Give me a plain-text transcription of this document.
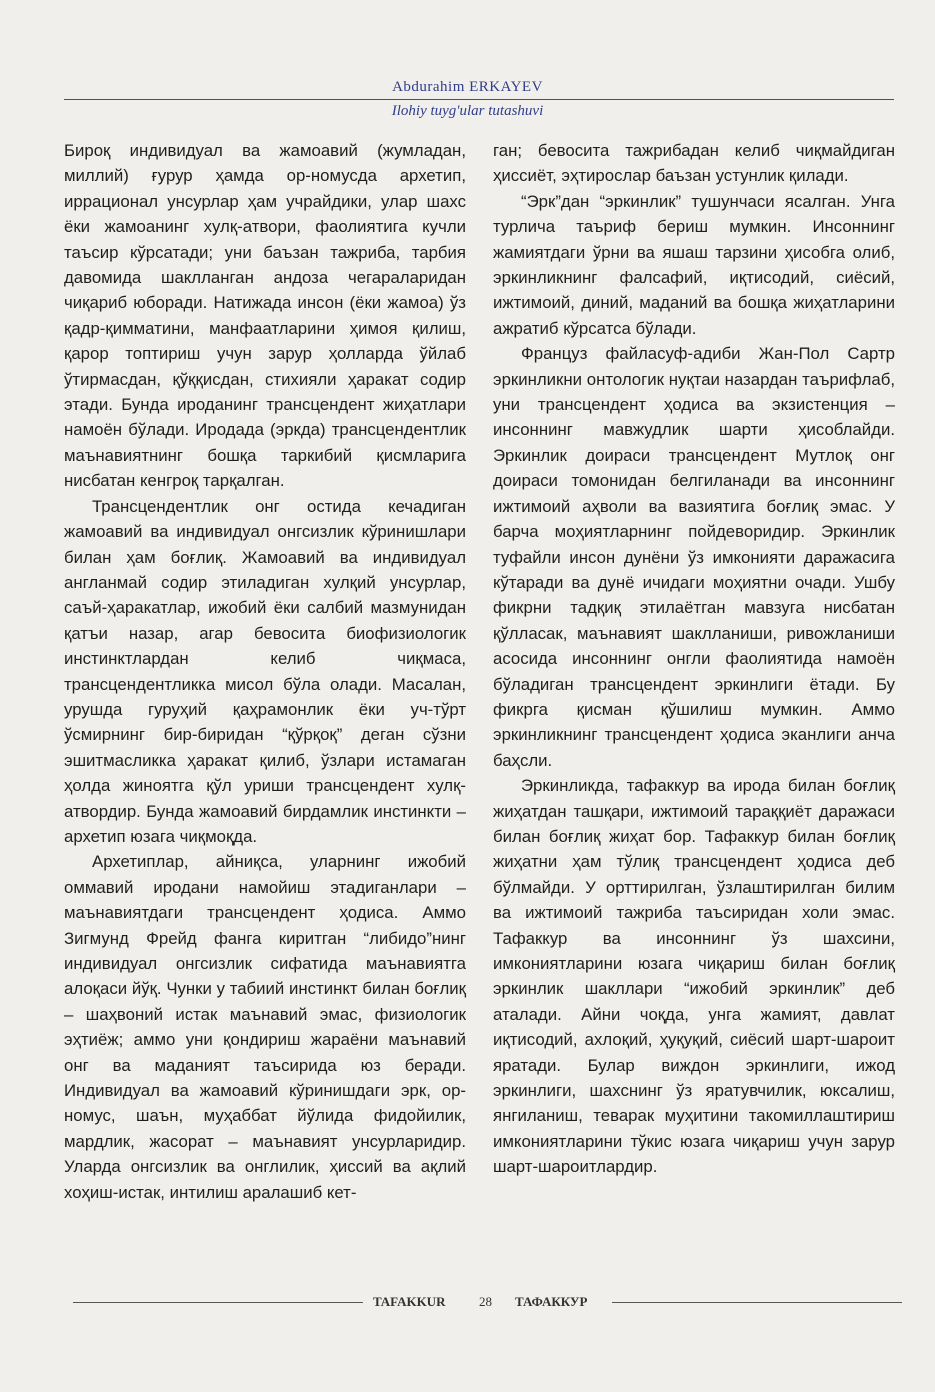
Abdurahim ERKAYEV
Ilohiy tuyg'ular tutashuvi

Бироқ индивидуал ва жамоавий (жумладан, миллий) ғурур ҳамда ор-номусда архетип, иррационал унсурлар ҳам учрайдики, улар шахс ёки жамоанинг хулқ-атвори, фаолиятига кучли таъсир кўрсатади; уни баъзан тажриба, тарбия давомида шаклланган андоза чегараларидан чиқариб юборади. Натижада инсон (ёки жамоа) ўз қадр-қимматини, манфаатларини ҳимоя қилиш, қарор топтириш учун зарур ҳолларда ўйлаб ўтирмасдан, қўққисдан, стихияли ҳаракат содир этади. Бунда ироданинг трансцендент жиҳатлари намоён бўлади. Иродада (эркда) трансцендентлик маънавиятнинг бошқа таркибий қисмларига нисбатан кенгроқ тарқалган.

Трансцендентлик онг остида кечадиган жамоавий ва индивидуал онгсизлик кўринишлари билан ҳам боғлиқ. Жамоавий ва индивидуал англанмай содир этиладиган хулқий унсурлар, саъй-ҳаракатлар, ижобий ёки салбий мазмунидан қатъи назар, агар бевосита биофизиологик инстинктлардан келиб чиқмаса, трансцендентликка мисол бўла олади. Масалан, урушда гуруҳий қаҳрамонлик ёки уч-тўрт ўсмирнинг бир-биридан “қўрқоқ” деган сўзни эшитмасликка ҳаракат қилиб, ўзлари истамаган ҳолда жиноятга қўл уриши трансцендент хулқ-атвордир. Бунда жамоавий бирдамлик инстинкти – архетип юзага чиқмоқда.

Архетиплар, айниқса, уларнинг ижобий оммавий иродани намойиш этадиганлари – маънавиятдаги трансцендент ҳодиса. Аммо Зигмунд Фрейд фанга киритган “либидо”нинг индивидуал онгсизлик сифатида маънавиятга алоқаси йўқ. Чунки у табиий инстинкт билан боғлиқ – шаҳвоний истак маънавий эмас, физиологик эҳтиёж; аммо уни қондириш жараёни маънавий онг ва маданият таъсирида юз беради. Индивидуал ва жамоавий кўринишдаги эрк, ор-номус, шаън, муҳаббат йўлида фидойилик, мардлик, жасорат – маънавият унсурларидир. Уларда онгсизлик ва онглилик, ҳиссий ва ақлий хоҳиш-истак, интилиш аралашиб кет-

ган; бевосита тажрибадан келиб чиқмайдиган ҳиссиёт, эҳтирослар баъзан устунлик қилади.

“Эрк”дан “эркинлик” тушунчаси ясалган. Унга турлича таъриф бериш мумкин. Инсоннинг жамиятдаги ўрни ва яшаш тарзини ҳисобга олиб, эркинликнинг фалсафий, иқтисодий, сиёсий, ижтимоий, диний, маданий ва бошқа жиҳатларини ажратиб кўрсатса бўлади.

Француз файласуф-адиби Жан-Пол Сартр эркинликни онтологик нуқтаи назардан таърифлаб, уни трансцендент ҳодиса ва экзистенция – инсоннинг мавжудлик шарти ҳисоблайди. Эркинлик доираси трансцендент Мутлоқ онг доираси томонидан белгиланади ва инсоннинг ижтимоий аҳволи ва вазиятига боғлиқ эмас. У барча моҳиятларнинг пойдеворидир. Эркинлик туфайли инсон дунёни ўз имконияти даражасига кўтаради ва дунё ичидаги моҳиятни очади. Ушбу фикрни тадқиқ этилаётган мавзуга нисбатан қўлласак, маънавият шаклланиши, ривожланиши асосида инсоннинг онгли фаолиятида намоён бўладиган трансцендент эркинлиги ётади. Бу фикрга қисман қўшилиш мумкин. Аммо эркинликнинг трансцендент ҳодиса эканлиги анча баҳсли.

Эркинликда, тафаккур ва ирода билан боғлиқ жиҳатдан ташқари, ижтимоий тараққиёт даражаси билан боғлиқ жиҳат бор. Тафаккур билан боғлиқ жиҳатни ҳам тўлиқ трансцендент ҳодиса деб бўлмайди. У орттирилган, ўзлаштирилган билим ва ижтимоий тажриба таъсиридан холи эмас. Тафаккур ва инсоннинг ўз шахсини, имкониятларини юзага чиқариш билан боғлиқ эркинлик шакллари “ижобий эркинлик” деб аталади. Айни чоқда, унга жамият, давлат иқтисодий, ахлоқий, ҳуқуқий, сиёсий шарт-шароит яратади. Булар виждон эркинлиги, ижод эркинлиги, шахснинг ўз яратувчилик, юксалиш, янгиланиш, теварак муҳитини такомиллаштириш имкониятларини тўкис юзага чиқариш учун зарур шарт-шароитлардир.

TAFAKKUR	28 ТАФАККУР
